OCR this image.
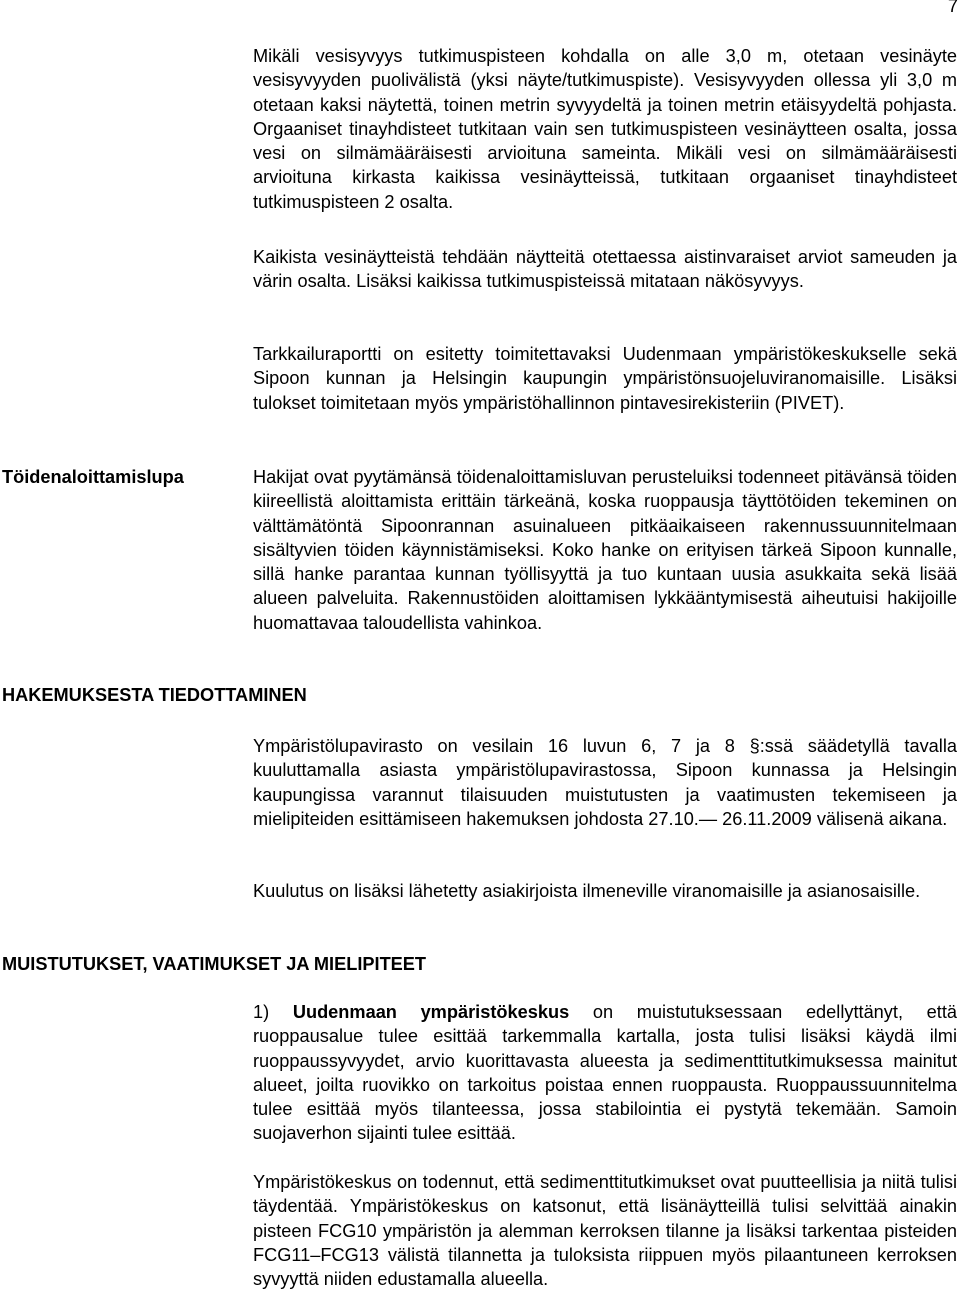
7

Mikäli vesisyvyys tutkimuspisteen kohdalla on alle 3,0 m, otetaan vesinäyte vesisyvyyden puolivälistä (yksi näyte/tutkimuspiste). Vesisyvyyden ollessa yli 3,0 m otetaan kaksi näytettä, toinen metrin syvyydeltä ja toinen metrin etäisyydeltä pohjasta. Orgaaniset tinayhdisteet tutkitaan vain sen tutkimuspisteen vesinäytteen osalta, jossa vesi on silmämääräisesti arvioituna sameinta. Mikäli vesi on silmämääräisesti arvioituna kirkasta kaikissa vesinäytteissä, tutkitaan orgaaniset tinayhdisteet tutkimuspisteen 2 osalta.

Kaikista vesinäytteistä tehdään näytteitä otettaessa aistinvaraiset arviot sameuden ja värin osalta. Lisäksi kaikissa tutkimuspisteissä mitataan näkösyvyys.

Tarkkailuraportti on esitetty toimitettavaksi Uudenmaan ympäristökeskukselle sekä Sipoon kunnan ja Helsingin kaupungin ympäristönsuojeluviranomaisille. Lisäksi tulokset toimitetaan myös ympäristöhallinnon pintavesirekisteriin (PIVET).

Töidenaloittamislupa	Hakijat ovat pyytämänsä töidenaloittamisluvan perusteluiksi todenneet pitävänsä töiden kiireellistä aloittamista erittäin tärkeänä, koska ruoppausja täyttötöiden tekeminen on välttämätöntä Sipoonrannan asuinalueen pitkäaikaiseen rakennussuunnitelmaan sisältyvien töiden käynnistämiseksi. Koko hanke on erityisen tärkeä Sipoon kunnalle, sillä hanke parantaa kunnan työllisyyttä ja tuo kuntaan uusia asukkaita sekä lisää alueen palveluita. Rakennustöiden aloittamisen lykkääntymisestä aiheutuisi hakijoille huomattavaa taloudellista vahinkoa.

HAKEMUKSESTA TIEDOTTAMINEN

Ympäristölupavirasto on vesilain 16 luvun 6, 7 ja 8 §:ssä säädetyllä tavalla kuuluttamalla asiasta ympäristölupavirastossa, Sipoon kunnassa ja Helsingin kaupungissa varannut tilaisuuden muistutusten ja vaatimusten tekemiseen ja mielipiteiden esittämiseen hakemuksen johdosta 27.10.— 26.11.2009 välisenä aikana.

Kuulutus on lisäksi lähetetty asiakirjoista ilmeneville viranomaisille ja asianosaisille.

MUISTUTUKSET, VAATIMUKSET JA MIELIPITEET

1) Uudenmaan ympäristökeskus on muistutuksessaan edellyttänyt, että ruoppausalue tulee esittää tarkemmalla kartalla, josta tulisi lisäksi käydä ilmi ruoppaussyvyydet, arvio kuorittavasta alueesta ja sedimenttitutkimuksessa mainitut alueet, joilta ruovikko on tarkoitus poistaa ennen ruoppausta. Ruoppaussuunnitelma tulee esittää myös tilanteessa, jossa stabilointia ei pystytä tekemään. Samoin suojaverhon sijainti tulee esittää.

Ympäristökeskus on todennut, että sedimenttitutkimukset ovat puutteellisia ja niitä tulisi täydentää. Ympäristökeskus on katsonut, että lisänäytteillä tulisi selvittää ainakin pisteen FCG10 ympäristön ja alemman kerroksen tilanne ja lisäksi tarkentaa pisteiden FCG11–FCG13 välistä tilannetta ja tuloksista riippuen myös pilaantuneen kerroksen syvyyttä niiden edustamalla alueella.
